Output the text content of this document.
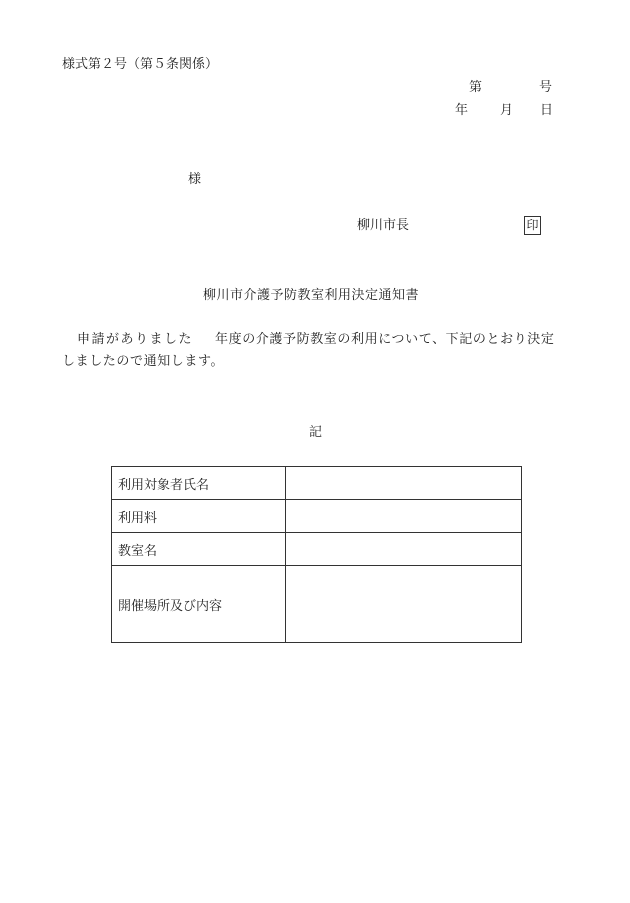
様式第２号（第５条関係）
第	号
年 月 日
様
柳川市長	印
柳川市介護予防教室利用決定通知書
申請がありました 年度の介護予防教室の利用について、下記のとおり決定
しましたので通知します。
記
利用対象者氏名	
利用料	
教室名	
開催場所及び内容	
